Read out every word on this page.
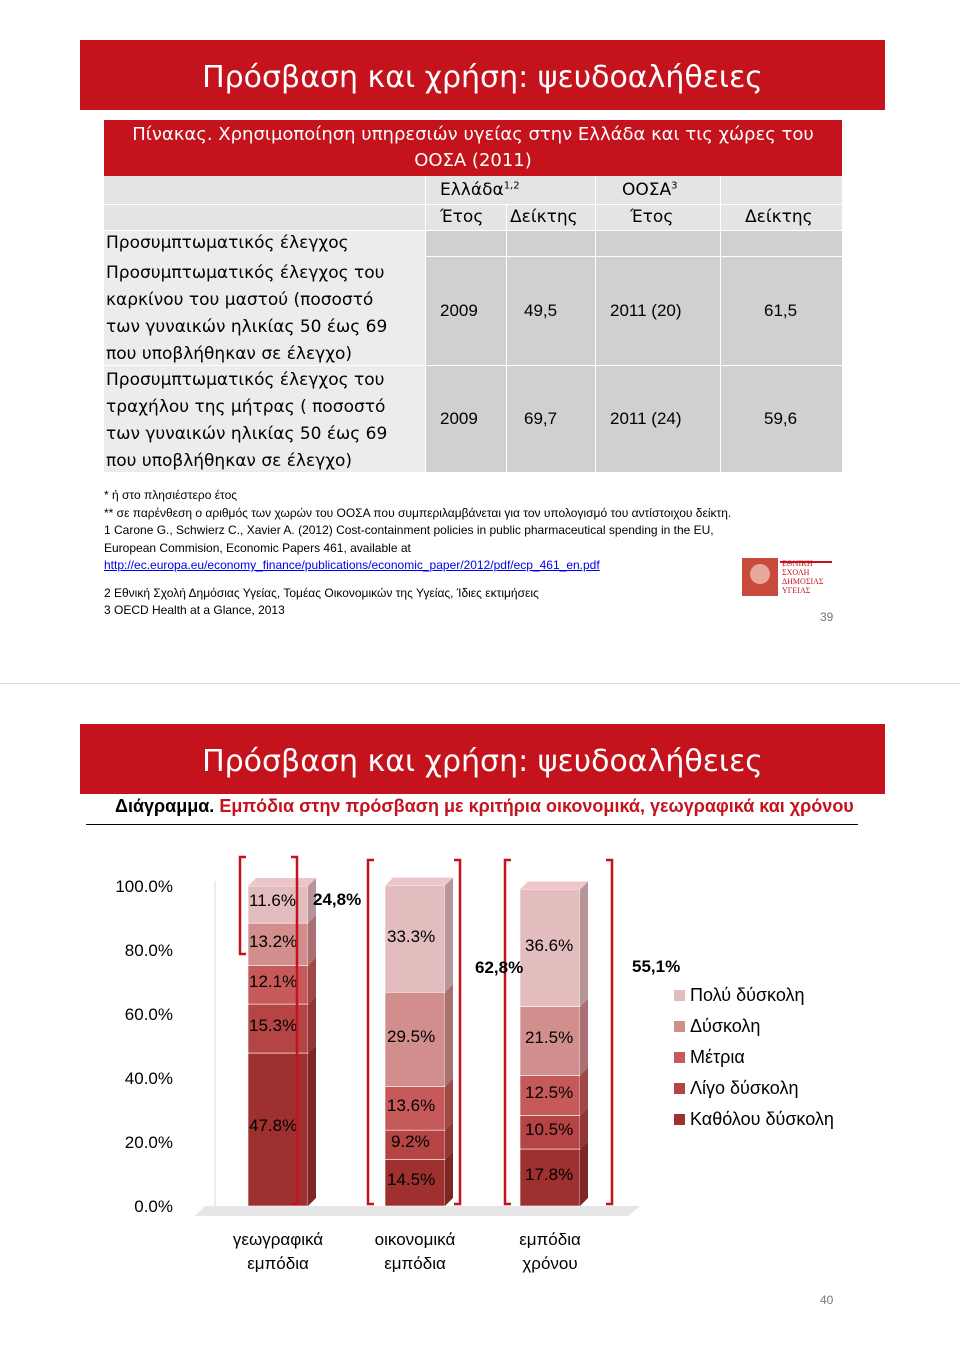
Πρόσβαση και χρήση: ψευδοαλήθειες
Πίνακας. Χρησιμοποίηση υπηρεσιών υγείας στην Ελλάδα και τις χώρες του
ΟΟΣΑ (2011)
Ελλάδα$^{1,2}$	ΟΟΣΑ$^3$
Έτος Δείκτης	Έτος	Δείκτης
Προσυμπτωματικός έλεγχος
Προσυμπτωματικός έλεγχος του
καρκίνου του μαστού (ποσοστό
των γυναικών ηλικίας 50 έως 69
που υποβλήθηκαν σε έλεγχο)
2009	49,5	2011 (20)	61,5
Προσυμπτωματικός έλεγχος του
τραχήλου της μήτρας ( ποσοστό
των γυναικών ηλικίας 50 έως 69
που υποβλήθηκαν σε έλεγχο)
2009	69,7	2011 (24)	59,6
* ή στο πλησιέστερο έτος
** σε παρένθεση ο αριθμός των χωρών του ΟΟΣΑ που συμπεριλαμβάνεται για τον υπολογισμό του αντίστοιχου δείκτη.
1 Carone G., Schwierz C., Xavier A. (2012) Cost-containment policies in public pharmaceutical spending in the EU,
European Commision, Economic Papers 461, available at
http://ec.europa.eu/economy_finance/publications/economic_paper/2012/pdf/ecp_461_en.pdf
2 Εθνική Σχολή Δημόσιας Υγείας, Τομέας Οικονομικών της Υγείας, Ίδιες εκτιμήσεις
3 OECD Health at a Glance, 2013
ΕΘΝΙΚΗ
ΣΧΟΛΗ
ΔΗΜΟΣΙΑΣ
ΥΓΕΙΑΣ
39
Πρόσβαση και χρήση: ψευδοαλήθειες
Διάγραμμα. Εμπόδια στην πρόσβαση με κριτήρια οικονομικά, γεωγραφικά και χρόνου
100.0%
80.0%
60.0%
40.0%
20.0%
0.0%
γεωγραφικά
εμπόδια
οικονομικά
εμπόδια
εμπόδια
χρόνου
47.8%
15.3%
12.1%
13.2%
11.6%
14.5%
9.2%
13.6%
29.5%
33.3%
17.8%
10.5%
12.5%
21.5%
36.6%
24,8%
62,8%	55,1%
Πολύ δύσκολη
Δύσκολη
Μέτρια
Λίγο δύσκολη
Καθόλου δύσκολη
40
